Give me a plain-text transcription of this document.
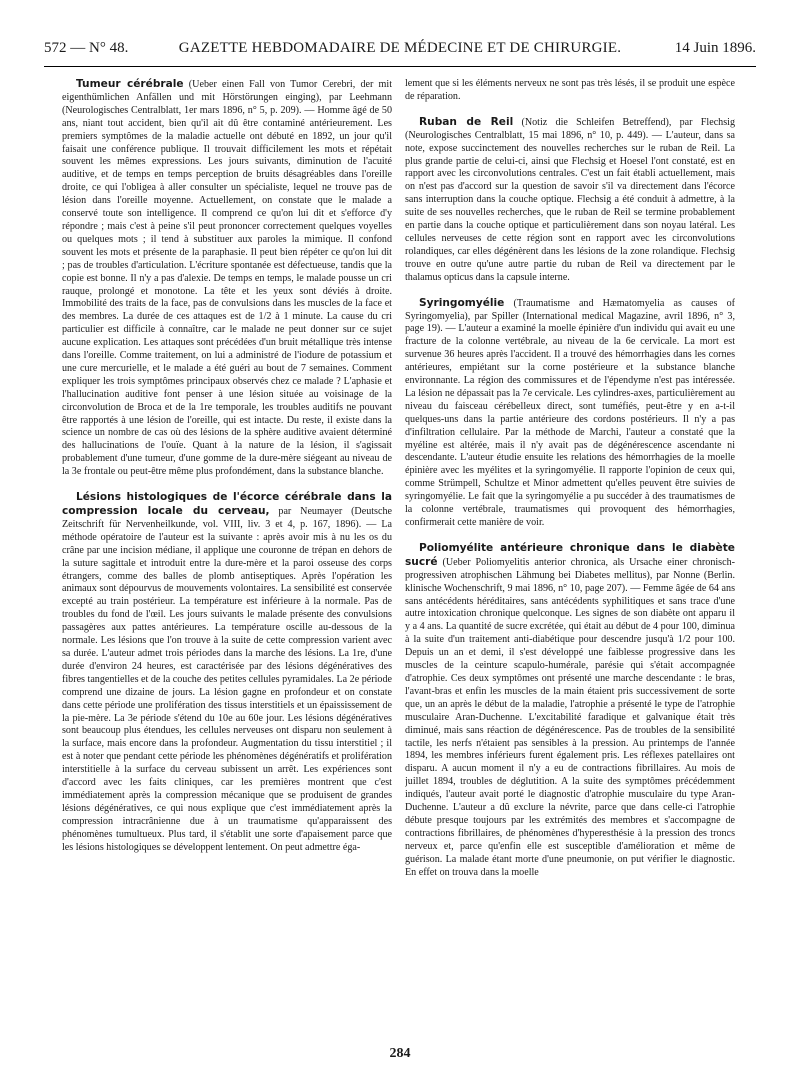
572 — N° 48.	GAZETTE HEBDOMADAIRE DE MÉDECINE ET DE CHIRURGIE.	14 Juin 1896.

Tumeur cérébrale (Ueber einen Fall von Tumor Cerebri, der mit eigenthümlichen Anfällen und mit Hörstörungen einging), par Leehmann (Neurologisches Centralblatt, 1er mars 1896, n° 5, p. 209). — Homme âgé de 50 ans, niant tout accident, bien qu'il ait dû être contaminé antérieurement. Les premiers symptômes de la maladie actuelle ont débuté en 1892, un jour qu'il faisait une conférence publique. Il trouvait difficilement les mots et répétait souvent les mêmes expressions. Les jours suivants, diminution de l'acuité auditive, et de temps en temps perception de bruits désagréables dans l'oreille droite, ce qui l'obligea à aller consulter un spécialiste, lequel ne trouve pas de lésion dans l'oreille moyenne. Actuellement, on constate que le malade a conservé toute son intelligence. Il comprend ce qu'on lui dit et s'efforce d'y répondre ; mais c'est à peine s'il peut prononcer correctement quelques voyelles ou quelques mots ; il tend à substituer aux paroles la mimique. Il confond souvent les mots et présente de la paraphasie. Il peut bien répéter ce qu'on lui dit ; pas de troubles d'articulation. L'écriture spontanée est défectueuse, tandis que la copie est bonne. Il n'y a pas d'alexie. De temps en temps, le malade pousse un cri rauque, prolongé et monotone. La tête et les yeux sont déviés à droite. Immobilité des traits de la face, pas de convulsions dans les muscles de la face et des membres. La durée de ces attaques est de 1/2 à 1 minute. La cause du cri particulier est difficile à connaître, car le malade ne peut donner sur ce sujet aucune explication. Les attaques sont précédées d'un bruit métallique très intense dans l'oreille. Comme traitement, on lui a administré de l'iodure de potassium et une cure mercurielle, et le malade a été guéri au bout de 7 semaines. Comment expliquer les trois symptômes principaux observés chez ce malade ? L'aphasie et l'hallucination auditive font penser à une lésion située au voisinage de la circonvolution de Broca et de la 1re temporale, les troubles auditifs ne pouvant être rapportés à une lésion de l'oreille, qui est intacte. Du reste, il existe dans la science un nombre de cas où des lésions de la sphère auditive avaient déterminé des hallucinations de l'ouïe. Quant à la nature de la lésion, il s'agissait probablement d'une tumeur, d'une gomme de la dure-mère siégeant au niveau de la 3e frontale ou peut-être même plus profondément, dans la substance blanche.

Lésions histologiques de l'écorce cérébrale dans la compression locale du cerveau, par Neumayer (Deutsche Zeitschrift für Nervenheilkunde, vol. VIII, liv. 3 et 4, p. 167, 1896). — La méthode opératoire de l'auteur est la suivante : après avoir mis à nu les os du crâne par une incision médiane, il applique une couronne de trépan en dehors de la suture sagittale et introduit entre la dure-mère et la paroi osseuse des corps étrangers, comme des balles de plomb antiseptiques. Après l'opération les animaux sont dépourvus de mouvements volontaires. La sensibilité est conservée excepté au train postérieur. La température est inférieure à la normale. Pas de troubles du fond de l'œil. Les jours suivants le malade présente des convulsions passagères aux pattes antérieures. La température oscille au-dessous de la normale. Les lésions que l'on trouve à la suite de cette compression varient avec sa durée. L'auteur admet trois périodes dans la marche des lésions. La 1re, d'une durée d'environ 24 heures, est caractérisée par des lésions dégénératives des fibres tangentielles et de la couche des petites cellules pyramidales. La 2e période comprend une dizaine de jours. La lésion gagne en profondeur et on constate dans cette période une prolifération des tissus interstitiels et un épaississement de la pie-mère. La 3e période s'étend du 10e au 60e jour. Les lésions dégénératives sont beaucoup plus étendues, les cellules nerveuses ont disparu non seulement à la surface, mais encore dans la profondeur. Augmentation du tissu interstitiel ; il est à noter que pendant cette période les phénomènes dégénératifs et prolifération interstitielle à la surface du cerveau subissent un arrêt. Les expériences sont d'accord avec les faits cliniques, car les premières montrent que c'est immédiatement après la compression mécanique que se produisent de grandes lésions dégénératives, ce qui nous explique que c'est immédiatement après la compression intracrânienne due à un traumatisme qu'apparaissent des phénomènes tumultueux. Plus tard, il s'établit une sorte d'apaisement parce que les lésions histologiques se développent lentement. On peut admettre éga-

lement que si les éléments nerveux ne sont pas très lésés, il se produit une espèce de réparation.

Ruban de Reil (Notiz die Schleifen Betreffend), par Flechsig (Neurologisches Centralblatt, 15 mai 1896, n° 10, p. 449). — L'auteur, dans sa note, expose succinctement des nouvelles recherches sur le ruban de Reil. La plus grande partie de celui-ci, ainsi que Flechsig et Hoesel l'ont constaté, est en rapport avec les circonvolutions centrales. C'est un fait établi actuellement, mais on n'est pas d'accord sur la question de savoir s'il va directement dans l'écorce sans interruption dans la couche optique. Flechsig a été conduit à admettre, à la suite de ses nouvelles recherches, que le ruban de Reil se termine probablement en partie dans la couche optique et particulièrement dans son noyau latéral. Les cellules nerveuses de cette région sont en rapport avec les circonvolutions rolandiques, car elles dégénèrent dans les lésions de la zone rolandique. Flechsig trouve en outre qu'une autre partie du ruban de Reil va directement par le thalamus opticus dans la capsule interne.

Syringomyélie (Traumatisme and Hæmatomyelia as causes of Syringomyelia), par Spiller (International medical Magazine, avril 1896, n° 3, page 19). — L'auteur a examiné la moelle épinière d'un individu qui avait eu une fracture de la colonne vertébrale, au niveau de la 6e cervicale. La mort est survenue 36 heures après l'accident. Il a trouvé des hémorrhagies dans les cornes antérieures, empiétant sur la corne postérieure et la substance blanche environnante. La région des commissures et de l'épendyme n'est pas intéressée. La lésion ne dépassait pas la 7e cervicale. Les cylindres-axes, particulièrement au niveau du faisceau cérébelleux direct, sont tuméfiés, peut-être y en a-t-il quelques-uns dans la partie antérieure des cordons postérieurs. Il n'y a pas d'infiltration cellulaire. Par la méthode de Marchi, l'auteur a constaté que la myéline est altérée, mais il n'y avait pas de dégénérescence ascendante ni descendante. L'auteur étudie ensuite les relations des hémorrhagies de la moelle épinière avec les myélites et la syringomyélie. Il rapporte l'opinion de ceux qui, comme Strümpell, Schultze et Minor admettent qu'elles peuvent être suivies de syringomyélie. Le fait que la syringomyélie a pu succéder à des traumatismes de la colonne vertébrale, traumatismes qui provoquent des hémorrhagies, confirmerait cette manière de voir.

Poliomyélite antérieure chronique dans le diabète sucré (Ueber Poliomyelitis anterior chronica, als Ursache einer chronisch-progressiven atrophischen Lähmung bei Diabetes mellitus), par Nonne (Berlin. klinische Wochenschrift, 9 mai 1896, n° 10, page 207). — Femme âgée de 64 ans sans antécédents héréditaires, sans antécédents syphilitiques et sans trace d'une autre intoxication chronique quelconque. Les signes de son diabète ont apparu il y a 4 ans. La quantité de sucre excrétée, qui était au début de 4 pour 100, diminua à la suite d'un traitement anti-diabétique pour descendre jusqu'à 1/2 pour 100. Depuis un an et demi, il s'est développé une faiblesse progressive dans les muscles de la ceinture scapulo-humérale, parésie qui s'était accompagnée d'atrophie. Ces deux symptômes ont présenté une marche descendante : le bras, l'avant-bras et enfin les muscles de la main étaient pris successivement de sorte que, un an après le début de la maladie, l'atrophie a présenté le type de l'atrophie musculaire Aran-Duchenne. L'excitabilité faradique et galvanique était très diminué, mais sans réaction de dégénérescence. Pas de troubles de la sensibilité tactile, les nerfs n'étaient pas sensibles à la pression. Au printemps de l'année 1894, les membres inférieurs furent également pris. Les réflexes patellaires ont disparu. A aucun moment il n'y a eu de contractions fibrillaires. Au mois de juillet 1894, troubles de déglutition. A la suite des symptômes précédemment indiqués, l'auteur avait porté le diagnostic d'atrophie musculaire du type Aran-Duchenne. L'auteur a dû exclure la névrite, parce que dans celle-ci l'atrophie débute presque toujours par les extrémités des membres et s'accompagne de contractions fibrillaires, de phénomènes d'hyperesthésie à la pression des troncs nerveux et, parce qu'enfin elle est susceptible d'amélioration et même de guérison. La malade étant morte d'une pneumonie, on put vérifier le diagnostic. En effet on trouva dans la moelle

284
